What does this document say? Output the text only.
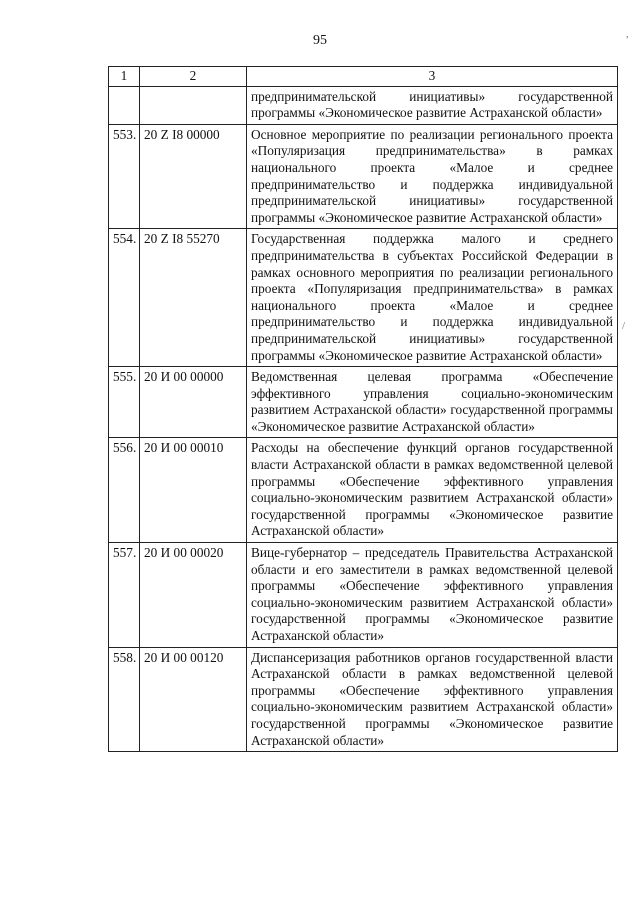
95	,
/
1	2	3
		предпринимательской инициативы» государственной программы «Экономическое развитие Астраханской области»
553.	20 Z I8 00000	Основное мероприятие по реализации регионального проекта «Популяризация предпринимательства» в рамках национального проекта «Малое и среднее предпринимательство и поддержка индивидуальной предпринимательской инициативы» государственной программы «Экономическое развитие Астраханской области»
554.	20 Z I8 55270	Государственная поддержка малого и среднего предпринимательства в субъектах Российской Федерации в рамках основного мероприятия по реализации регионального проекта «Популяризация предпринимательства» в рамках национального проекта «Малое и среднее предпринимательство и поддержка индивидуальной предпринимательской инициативы» государственной программы «Экономическое развитие Астраханской области»
555.	20 И 00 00000	Ведомственная целевая программа «Обеспечение эффективного управления социально-экономическим развитием Астраханской области» государственной программы «Экономическое развитие Астраханской области»
556.	20 И 00 00010	Расходы на обеспечение функций органов государственной власти Астраханской области в рамках ведомственной целевой программы «Обеспечение эффективного управления социально-экономическим развитием Астраханской области» государственной программы «Экономическое развитие Астраханской области»
557.	20 И 00 00020	Вице-губернатор – председатель Правительства Астраханской области и его заместители в рамках ведомственной целевой программы «Обеспечение эффективного управления социально-экономическим развитием Астраханской области» государственной программы «Экономическое развитие Астраханской области»
558.	20 И 00 00120	Диспансеризация работников органов государственной власти Астраханской области в рамках ведомственной целевой программы «Обеспечение эффективного управления социально-экономическим развитием Астраханской области» государственной программы «Экономическое развитие Астраханской области»
